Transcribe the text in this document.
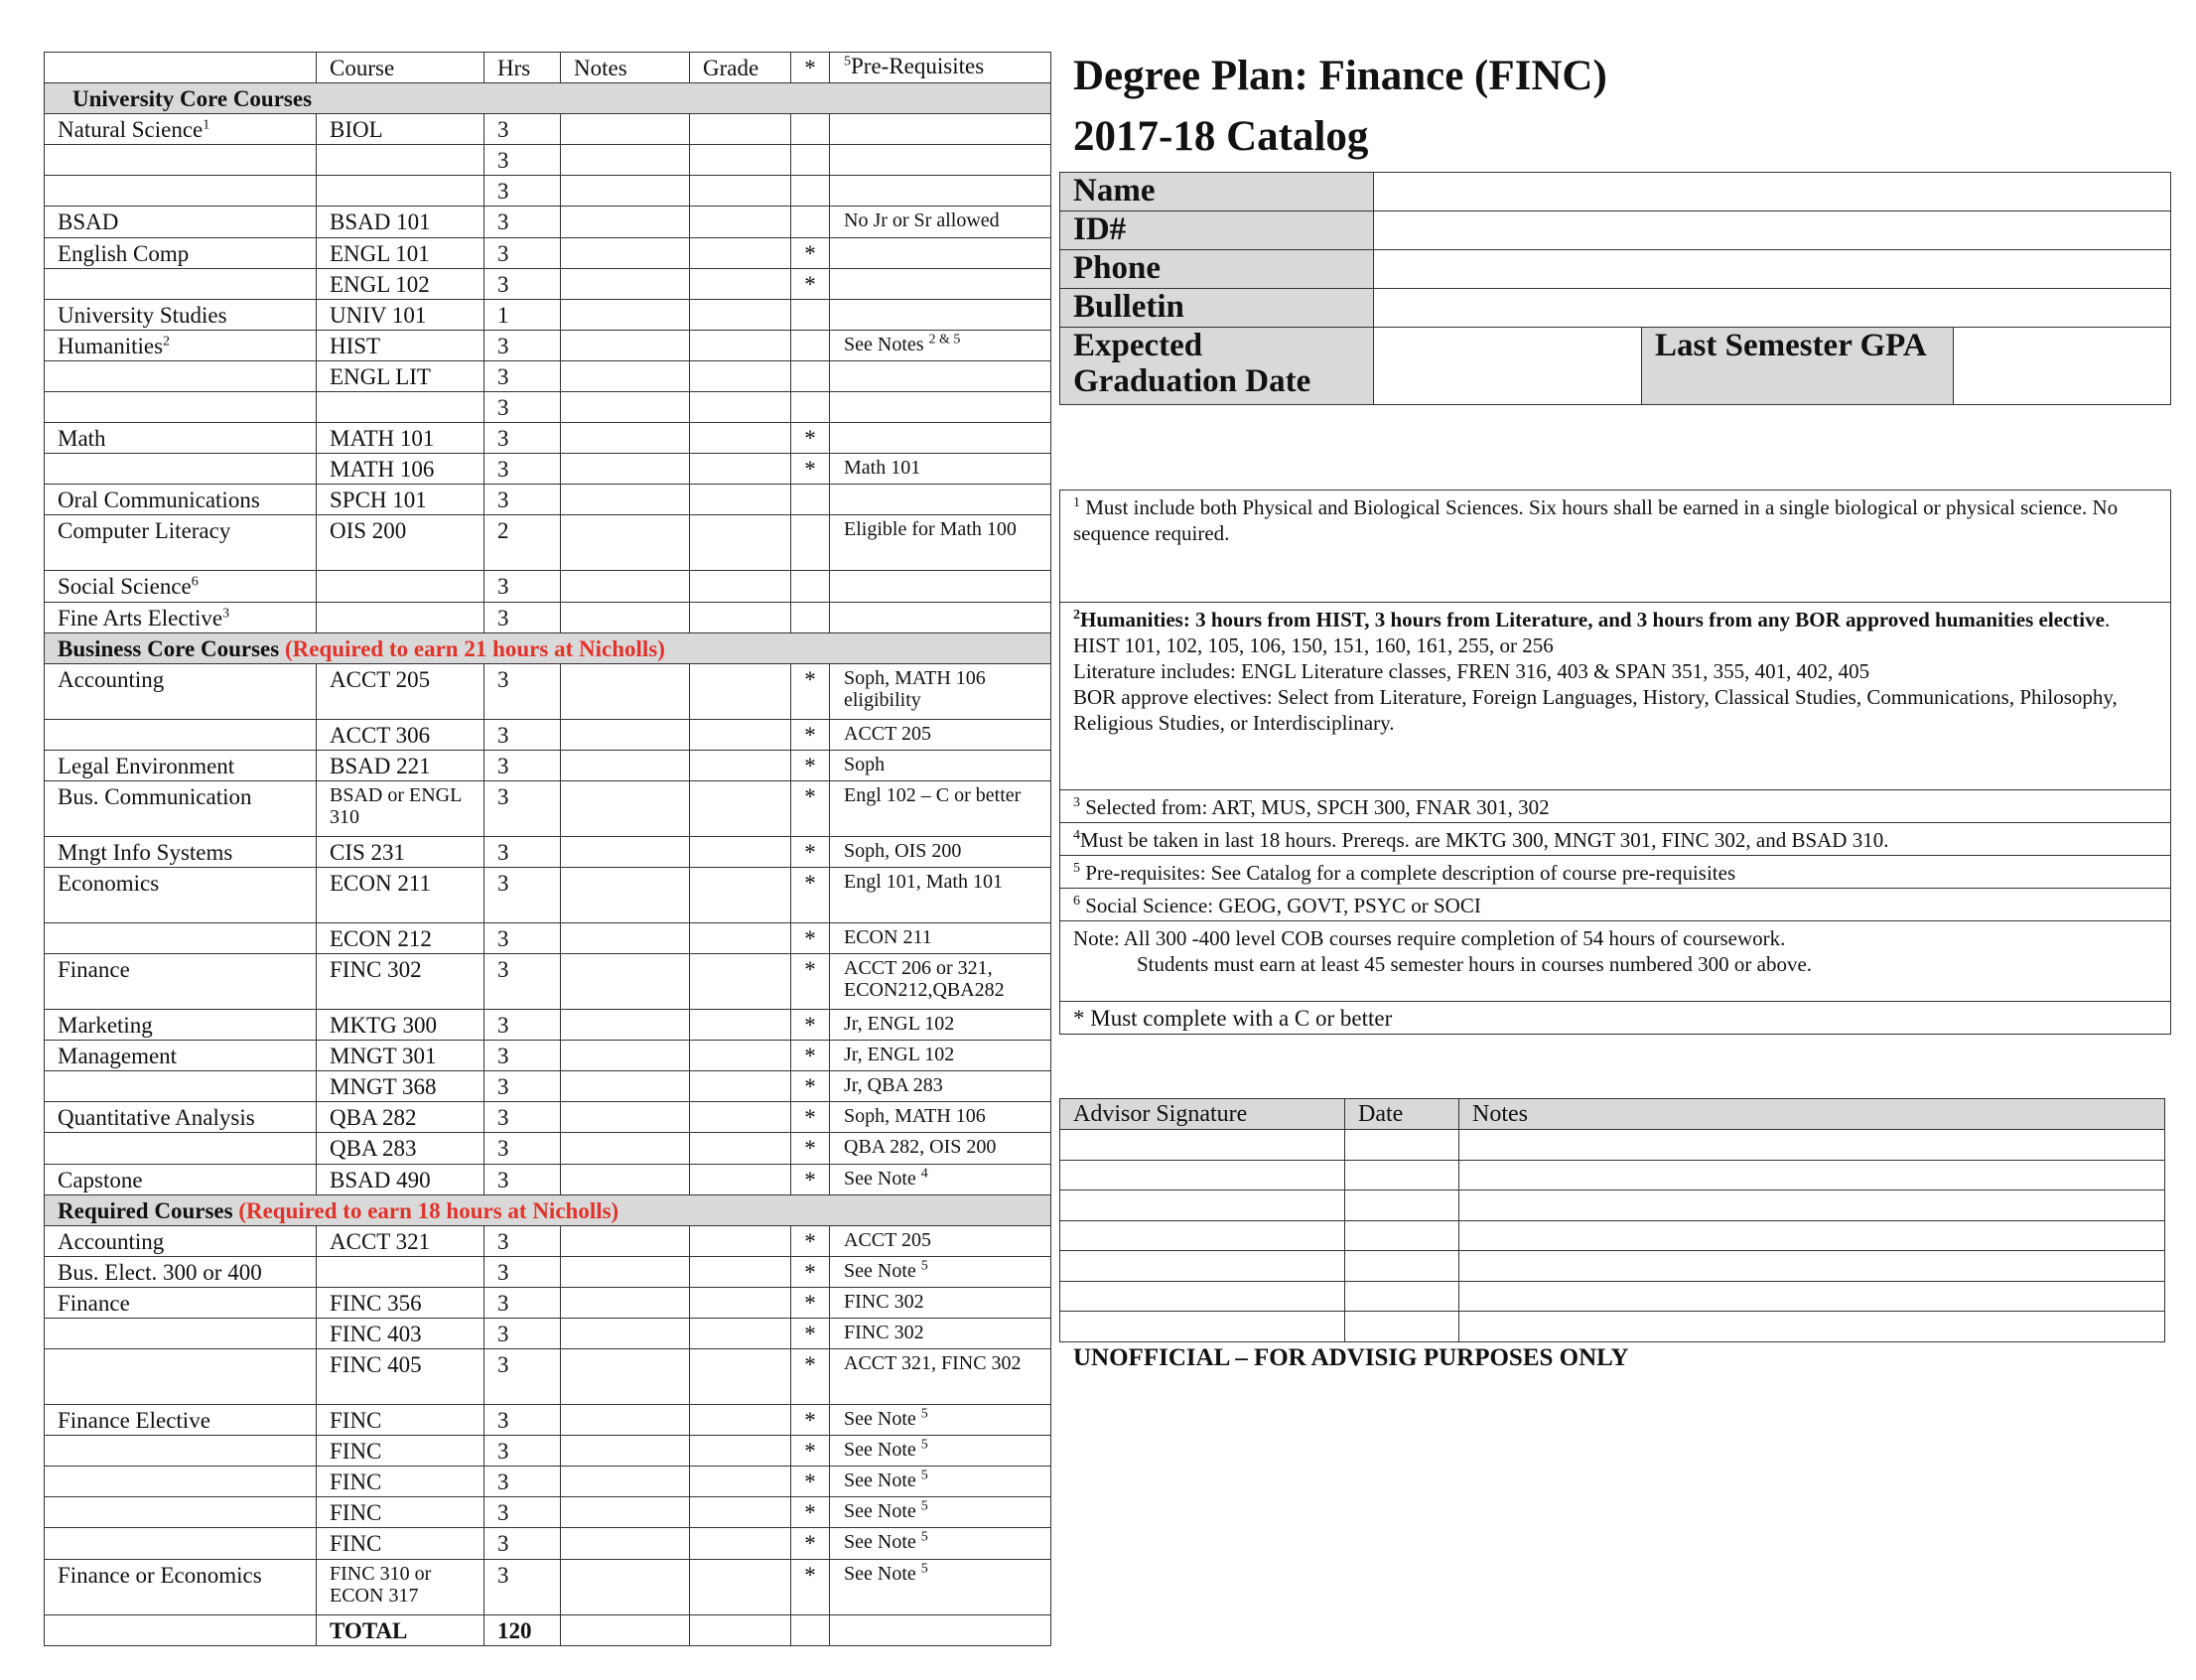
	Course	Hrs	Notes	Grade	*	$^5$Pre-Requisites
University Core Courses						
Natural Science$^1$	BIOL	3				
		3				
		3				
BSAD	BSAD 101	3				No Jr or Sr allowed
English Comp	ENGL 101	3			*	
	ENGL 102	3			*	
University Studies	UNIV 101	1				
Humanities$^2$	HIST	3				See Notes $^{2 \& 5}$
	ENGL LIT	3				
		3				
Math	MATH 101	3			*	
	MATH 106	3			*	Math 101
Oral Communications	SPCH 101	3				
Computer Literacy	OIS 200	2				Eligible for Math 100
Social Science$^6$		3				
Fine Arts Elective$^3$		3				
Business Core Courses (Required to earn 21 hours at Nicholls)						
Accounting	ACCT 205	3			*	Soph, MATH 106 eligibility
	ACCT 306	3			*	ACCT 205
Legal Environment	BSAD 221	3			*	Soph
Bus. Communication	BSAD or ENGL 310	3			*	Engl 102 – C or better
Mngt Info Systems	CIS 231	3			*	Soph, OIS 200
Economics	ECON 211	3			*	Engl 101, Math 101
	ECON 212	3			*	ECON 211
Finance	FINC 302	3			*	ACCT 206 or 321, ECON212,QBA282
Marketing	MKTG 300	3			*	Jr, ENGL 102
Management	MNGT 301	3			*	Jr, ENGL 102
	MNGT 368	3			*	Jr, QBA 283
Quantitative Analysis	QBA 282	3			*	Soph, MATH 106
	QBA 283	3			*	QBA 282, OIS 200
Capstone	BSAD 490	3			*	See Note $^4$
Required Courses (Required to earn 18 hours at Nicholls)						
Accounting	ACCT 321	3			*	ACCT 205
Bus. Elect. 300 or 400		3			*	See Note $^5$
Finance	FINC 356	3			*	FINC 302
	FINC 403	3			*	FINC 302
	FINC 405	3			*	ACCT 321, FINC 302
Finance Elective	FINC	3			*	See Note $^5$
	FINC	3			*	See Note $^5$
	FINC	3			*	See Note $^5$
	FINC	3			*	See Note $^5$
	FINC	3			*	See Note $^5$
Finance or Economics	FINC 310 or ECON 317	3			*	See Note $^5$
	TOTAL	120				
Degree Plan: Finance (FINC)
2017-18 Catalog
Name			
ID#			
Phone			
Bulletin			
Expected Graduation Date		Last Semester GPA	
$^1$ Must include both Physical and Biological Sciences. Six hours shall be earned in a single biological or physical science. No sequence required.
$^2$Humanities: 3 hours from HIST, 3 hours from Literature, and 3 hours from any BOR approved humanities elective.
HIST 101, 102, 105, 106, 150, 151, 160, 161, 255, or 256
Literature includes: ENGL Literature classes, FREN 316, 403 & SPAN 351, 355, 401, 402, 405
BOR approve electives: Select from Literature, Foreign Languages, History, Classical Studies, Communications, Philosophy, Religious Studies, or Interdisciplinary.
$^3$ Selected from: ART, MUS, SPCH 300, FNAR 301, 302
$^4$Must be taken in last 18 hours. Prereqs. are MKTG 300, MNGT 301, FINC 302, and BSAD 310.
$^5$ Pre-requisites: See Catalog for a complete description of course pre-requisites
$^6$ Social Science: GEOG, GOVT, PSYC or SOCI
Note: All 300 -400 level COB courses require completion of 54 hours of coursework.
Students must earn at least 45 semester hours in courses numbered 300 or above.
* Must complete with a C or better
Advisor Signature	Date	Notes

UNOFFICIAL – FOR ADVISIG PURPOSES ONLY
